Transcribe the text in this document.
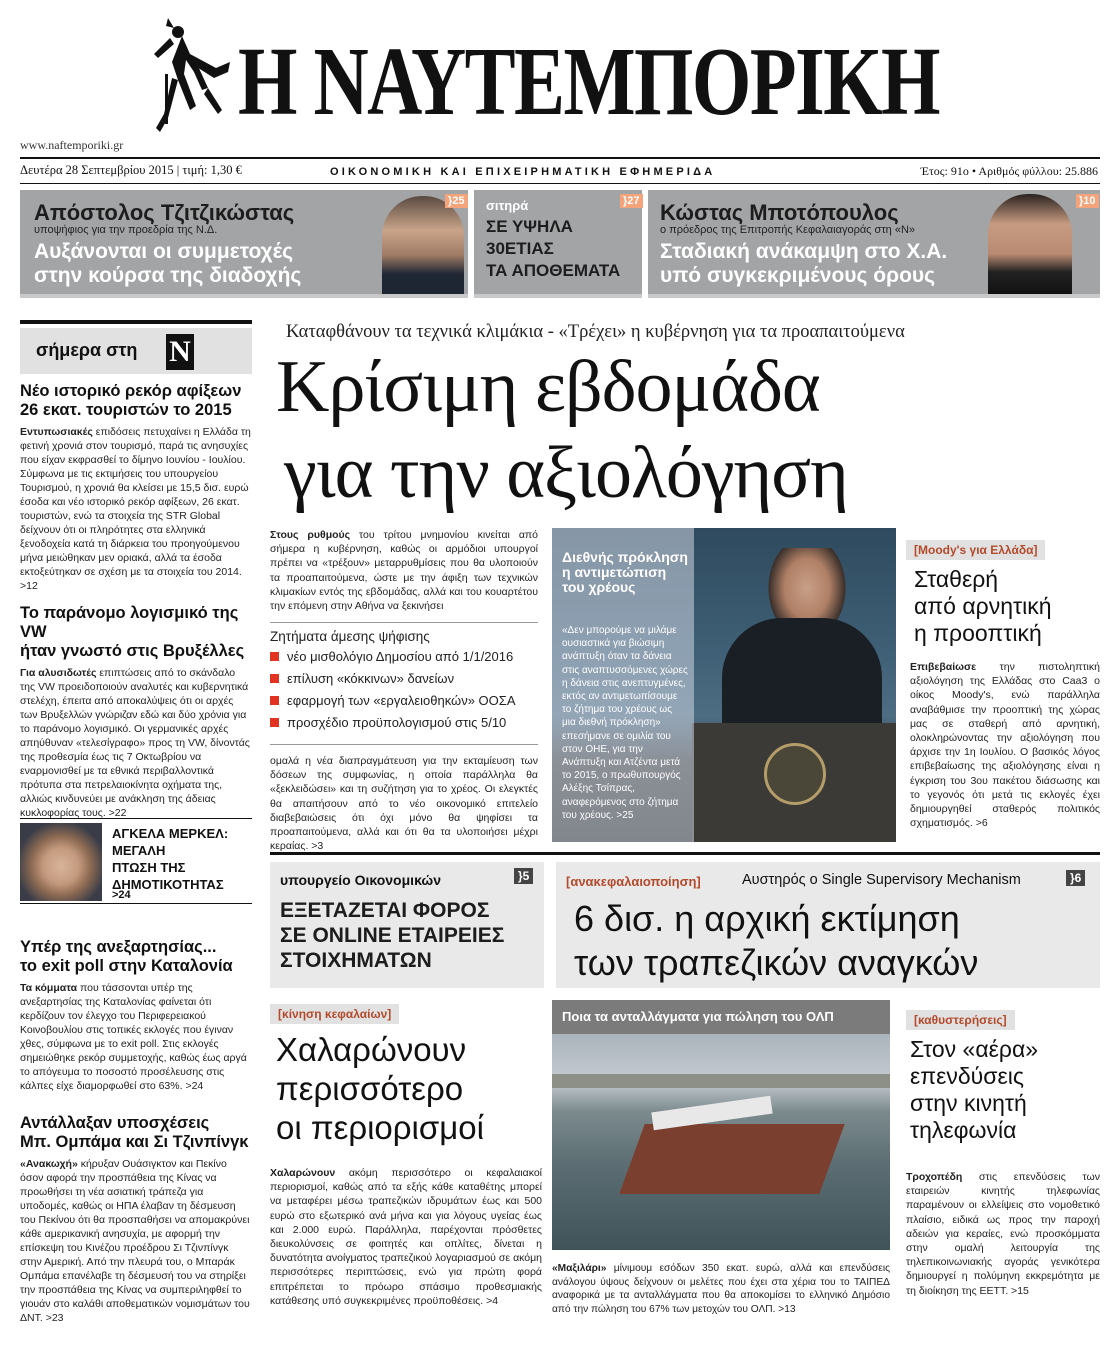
Η ΝΑΥΤΕΜΠΟΡΙΚΗ
www.naftemporiki.gr
Δευτέρα 28 Σεπτεμβρίου 2015 | τιμή: 1,30 €	ΟΙΚΟΝΟΜΙΚΗ ΚΑΙ ΕΠΙΧΕΙΡΗΜΑΤΙΚΗ ΕΦΗΜΕΡΙΔΑ	Έτος: 91ο • Αριθμός φύλλου: 25.886
Απόστολος Τζιτζικώστας
υποψήφιος για την προεδρία της Ν.Δ.
Αυξάνονται οι συμμετοχές
στην κούρσα της διαδοχής
}25 σιτηρά
ΣΕ ΥΨΗΛΑ
30ΕΤΙΑΣ
ΤΑ ΑΠΟΘΕΜΑΤΑ
}27 Κώστας Μποτόπουλος
ο πρόεδρος της Επιτροπής Κεφαλαιαγοράς στη «Ν»
Σταδιακή ανάκαμψη στο Χ.Α.
υπό συγκεκριμένους όρους
}10
σήμερα στη N
Νέο ιστορικό ρεκόρ αφίξεων
26 εκατ. τουριστών το 2015
Εντυπωσιακές επιδόσεις πετυχαίνει η Ελλάδα τη φετινή χρονιά στον τουρισμό, παρά τις ανησυχίες που είχαν εκφρασθεί το δίμηνο Ιουνίου - Ιουλίου. Σύμφωνα με τις εκτιμήσεις του υπουργείου Τουρισμού, η χρονιά θα κλείσει με 15,5 δισ. ευρώ έσοδα και νέο ιστορικό ρεκόρ αφίξεων, 26 εκατ. τουριστών, ενώ τα στοιχεία της STR Global δείχνουν ότι οι πληρότητες στα ελληνικά ξενοδοχεία κατά τη διάρκεια του προηγούμενου μήνα μειώθηκαν μεν οριακά, αλλά τα έσοδα εκτοξεύτηκαν σε σχέση με τα στοιχεία του 2014. >12
Το παράνομο λογισμικό της VW
ήταν γνωστό στις Βρυξέλλες
Για αλυσιδωτές επιπτώσεις από το σκάνδαλο της VW προειδοποιούν αναλυτές και κυβερνητικά στελέχη, έπειτα από αποκαλύψεις ότι οι αρχές των Βρυξελλών γνώριζαν εδώ και δύο χρόνια για το παράνομο λογισμικό. Οι γερμανικές αρχές απηύθυναν «τελεσίγραφο» προς τη VW, δίνοντάς της προθεσμία έως τις 7 Οκτωβρίου να εναρμονισθεί με τα εθνικά περιβαλλοντικά πρότυπα στα πετρελαιοκίνητα οχήματα της, αλλιώς κινδυνεύει με ανάκληση της άδειας κυκλοφορίας τους. >22
ΑΓΚΕΛΑ ΜΕΡΚΕΛ:
ΜΕΓΑΛΗ
ΠΤΩΣΗ ΤΗΣ
ΔΗΜΟΤΙΚΟΤΗΤΑΣ
>24
Υπέρ της ανεξαρτησίας...
το exit poll στην Καταλονία
Τα κόμματα που τάσσονται υπέρ της ανεξαρτησίας της Καταλονίας φαίνεται ότι κερδίζουν τον έλεγχο του Περιφερειακού Κοινοβουλίου στις τοπικές εκλογές που έγιναν χθες, σύμφωνα με το exit poll. Στις εκλογές σημειώθηκε ρεκόρ συμμετοχής, καθώς έως αργά το απόγευμα το ποσοστό προσέλευσης στις κάλπες είχε διαμορφωθεί στο 63%. >24
Αντάλλαξαν υποσχέσεις
Μπ. Ομπάμα και Σι Τζινπίνγκ
«Ανακωχή» κήρυξαν Ουάσιγκτον και Πεκίνο όσον αφορά την προσπάθεια της Κίνας να προωθήσει τη νέα ασιατική τράπεζα για υποδομές, καθώς οι ΗΠΑ έλαβαν τη δέσμευση του Πεκίνου ότι θα προσπαθήσει να απομακρύνει κάθε αμερικανική ανησυχία, με αφορμή την επίσκεψη του Κινέζου προέδρου Σι Τζινπίνγκ στην Αμερική. Από την πλευρά του, ο Μπαράκ Ομπάμα επανέλαβε τη δέσμευσή του να στηρίξει την προσπάθεια της Κίνας να συμπεριληφθεί το γιουάν στο καλάθι αποθεματικών νομισμάτων του ΔΝΤ. >23
Καταφθάνουν τα τεχνικά κλιμάκια - «Τρέχει» η κυβέρνηση για τα προαπαιτούμενα
Κρίσιμη εβδομάδα
για την αξιολόγηση
Στους ρυθμούς του τρίτου μνημονίου κινείται από σήμερα η κυβέρνηση, καθώς οι αρμόδιοι υπουργοί πρέπει να «τρέξουν» μεταρρυθμίσεις που θα υλοποιούν τα προαπαιτούμενα, ώστε με την άφιξη των τεχνικών κλιμακίων εντός της εβδομάδας, αλλά και του κουαρτέτου την επόμενη στην Αθήνα να ξεκινήσει
Ζητήματα άμεσης ψήφισης
νέο μισθολόγιο Δημοσίου από 1/1/2016
επίλυση «κόκκινων» δανείων
εφαρμογή των «εργαλειοθηκών» ΟΟΣΑ
προσχέδιο προϋπολογισμού στις 5/10
ομαλά η νέα διαπραγμάτευση για την εκταμίευση των δόσεων της συμφωνίας, η οποία παράλληλα θα «ξεκλειδώσει» και τη συζήτηση για το χρέος. Οι ελεγκτές θα απαιτήσουν από το νέο οικονομικό επιτελείο διαβεβαιώσεις ότι όχι μόνο θα ψηφίσει τα προαπαιτούμενα, αλλά και ότι θα τα υλοποιήσει μέχρι κεραίας. >3
Διεθνής πρόκληση η αντιμετώπιση του χρέους
«Δεν μπορούμε να μιλάμε ουσιαστικά για βιώσιμη ανάπτυξη όταν τα δάνεια στις αναπτυσσόμενες χώρες η δάνεια στις ανεπτυγμένες, εκτός αν αντιμετωπίσουμε το ζήτημα του χρέους ως μια διεθνή πρόκληση» επεσήμανε σε ομιλία του στον ΟΗΕ, για την Ανάπτυξη και Ατζέντα μετά το 2015, ο πρωθυπουργός Αλέξης Τσίπρας, αναφερόμενος στο ζήτημα του χρέους. >25
[Moody's για Ελλάδα]
Σταθερή
από αρνητική
η προοπτική
Επιβεβαίωσε την πιστοληπτική αξιολόγηση της Ελλάδας στο Caa3 ο οίκος Moody's, ενώ παράλληλα αναβάθμισε την προοπτική της χώρας μας σε σταθερή από αρνητική, ολοκληρώνοντας την αξιολόγηση που άρχισε την 1η Ιουλίου. Ο βασικός λόγος επιβεβαίωσης της αξιολόγησης είναι η έγκριση του 3ου πακέτου διάσωσης και το γεγονός ότι μετά τις εκλογές έχει δημιουργηθεί σταθερός πολιτικός σχηματισμός. >6
υπουργείο Οικονομικών	}5
ΕΞΕΤΑΖΕΤΑΙ ΦΟΡΟΣ
ΣΕ ONLINE ΕΤΑΙΡΕΙΕΣ
ΣΤΟΙΧΗΜΑΤΩΝ
[ανακεφαλαιοποίηση]	Αυστηρός ο Single Supervisory Mechanism	}6
6 δισ. η αρχική εκτίμηση
των τραπεζικών αναγκών
[κίνηση κεφαλαίων]
Χαλαρώνουν
περισσότερο
οι περιορισμοί
Χαλαρώνουν ακόμη περισσότερο οι κεφαλαιακοί περιορισμοί, καθώς από τα εξής κάθε καταθέτης μπορεί να μεταφέρει μέσω τραπεζικών ιδρυμάτων έως και 500 ευρώ στο εξωτερικό ανά μήνα και για λόγους υγείας έως και 2.000 ευρώ. Παράλληλα, παρέχονται πρόσθετες διευκολύνσεις σε φοιτητές και οπλίτες, δίνεται η δυνατότητα ανοίγματος τραπεζικού λογαριασμού σε ακόμη περισσότερες περιπτώσεις, ενώ για πρώτη φορά επιτρέπεται το πρόωρο σπάσιμο προθεσμιακής κατάθεσης υπό συγκεκριμένες προϋποθέσεις. >4
Ποια τα ανταλλάγματα για πώληση του ΟΛΠ
«Μαξιλάρι» μίνιμουμ εσόδων 350 εκατ. ευρώ, αλλά και επενδύσεις ανάλογου ύψους δείχνουν οι μελέτες που έχει στα χέρια του το ΤΑΙΠΕΔ αναφορικά με τα ανταλλάγματα που θα αποκομίσει το ελληνικό Δημόσιο από την πώληση του 67% των μετοχών του ΟΛΠ. >13
[καθυστερήσεις]
Στον «αέρα»
επενδύσεις
στην κινητή
τηλεφωνία
Τροχοπέδη στις επενδύσεις των εταιρειών κινητής τηλεφωνίας παραμένουν οι ελλείψεις στο νομοθετικό πλαίσιο, ειδικά ως προς την παροχή αδειών για κεραίες, ενώ προσκόμματα στην ομαλή λειτουργία της τηλεπικοινωνιακής αγοράς γενικότερα δημιουργεί η πολύμηνη εκκρεμότητα με τη διοίκηση της ΕΕΤΤ. >15
